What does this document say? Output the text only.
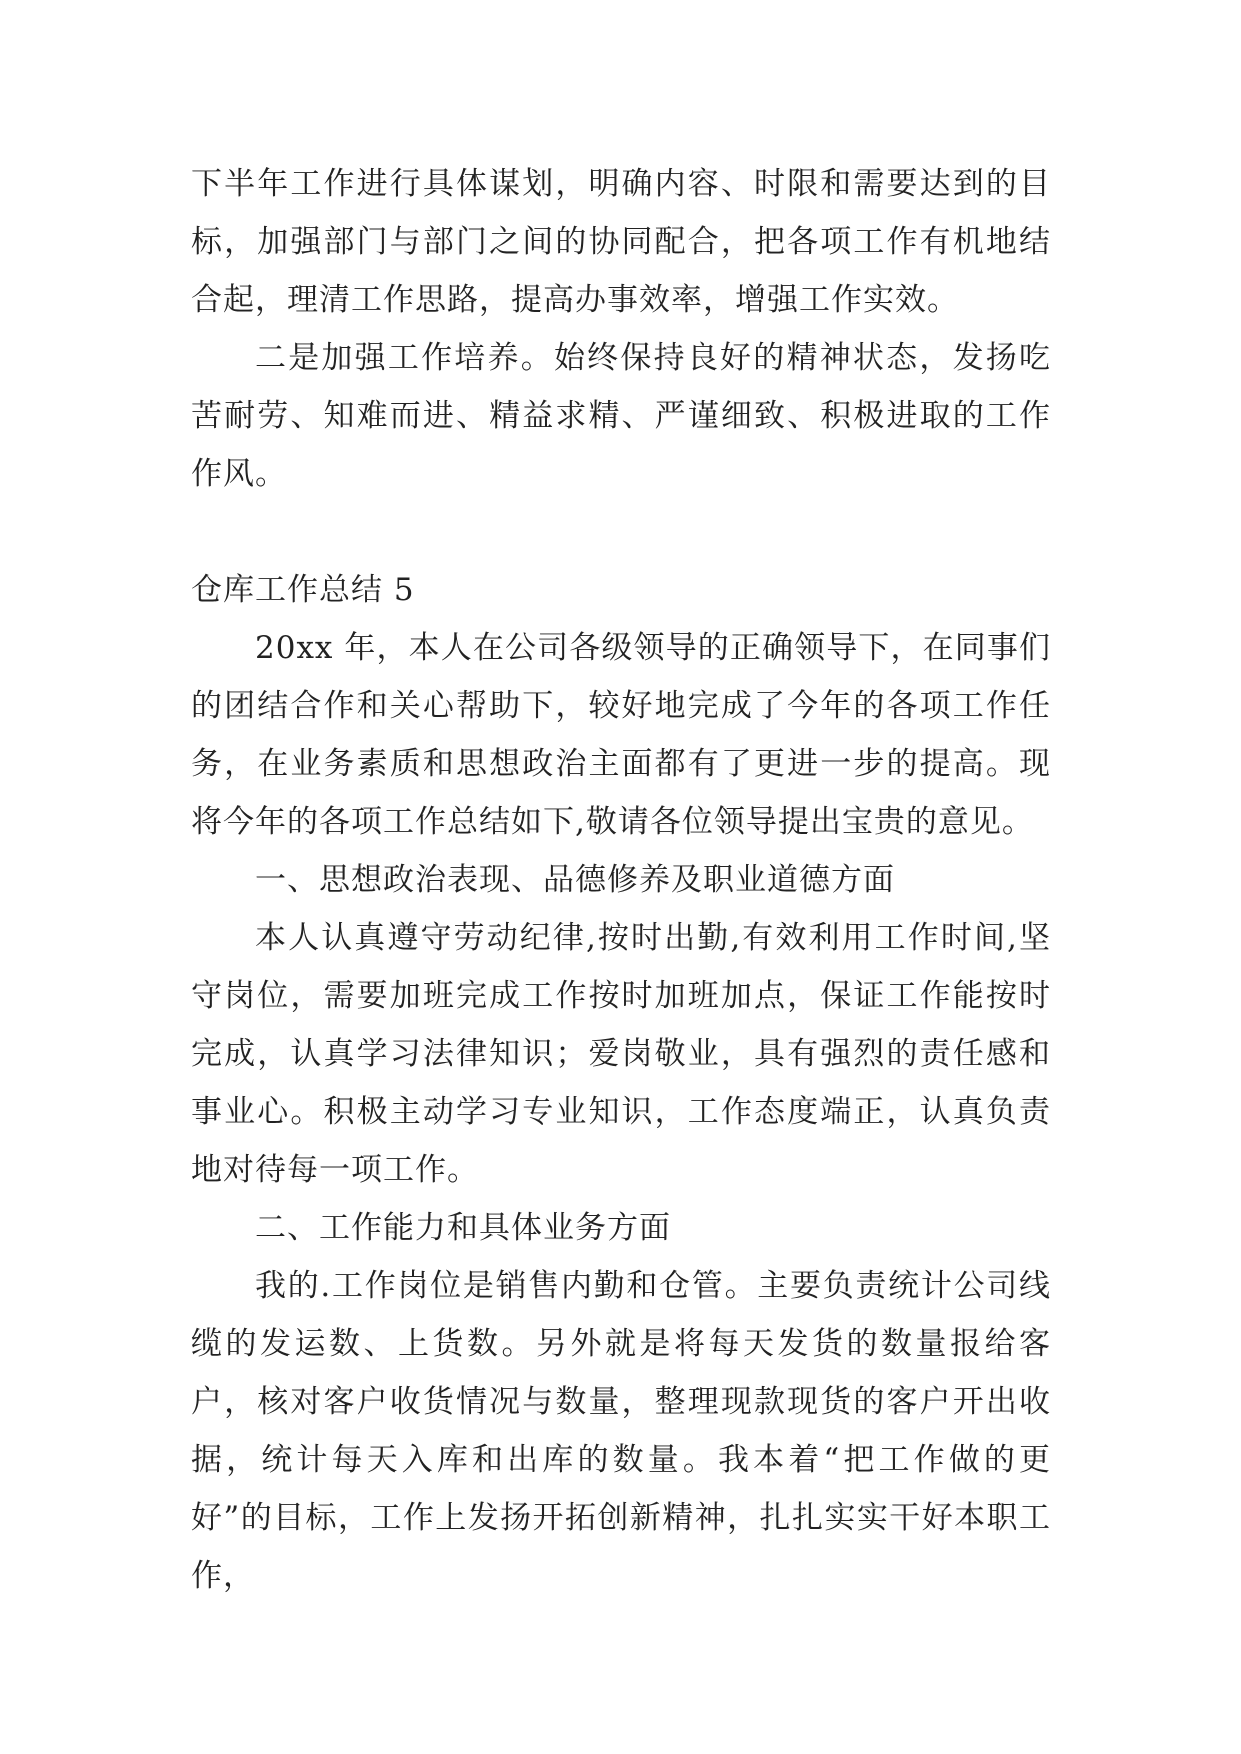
下半年工作进行具体谋划，明确内容、时限和需要达到的目标，加强部门与部门之间的协同配合，把各项工作有机地结合起，理清工作思路，提高办事效率，增强工作实效。

二是加强工作培养。始终保持良好的精神状态，发扬吃苦耐劳、知难而进、精益求精、严谨细致、积极进取的工作作风。

仓库工作总结 5

20xx 年，本人在公司各级领导的正确领导下，在同事们的团结合作和关心帮助下，较好地完成了今年的各项工作任务，在业务素质和思想政治主面都有了更进一步的提高。现将今年的各项工作总结如下,敬请各位领导提出宝贵的意见。

一、思想政治表现、品德修养及职业道德方面

本人认真遵守劳动纪律,按时出勤,有效利用工作时间,坚守岗位，需要加班完成工作按时加班加点，保证工作能按时完成，认真学习法律知识；爱岗敬业，具有强烈的责任感和事业心。积极主动学习专业知识，工作态度端正，认真负责地对待每一项工作。

二、工作能力和具体业务方面

我的.工作岗位是销售内勤和仓管。主要负责统计公司线缆的发运数、上货数。另外就是将每天发货的数量报给客户，核对客户收货情况与数量，整理现款现货的客户开出收据，统计每天入库和出库的数量。我本着“把工作做的更好”的目标，工作上发扬开拓创新精神，扎扎实实干好本职工作，
